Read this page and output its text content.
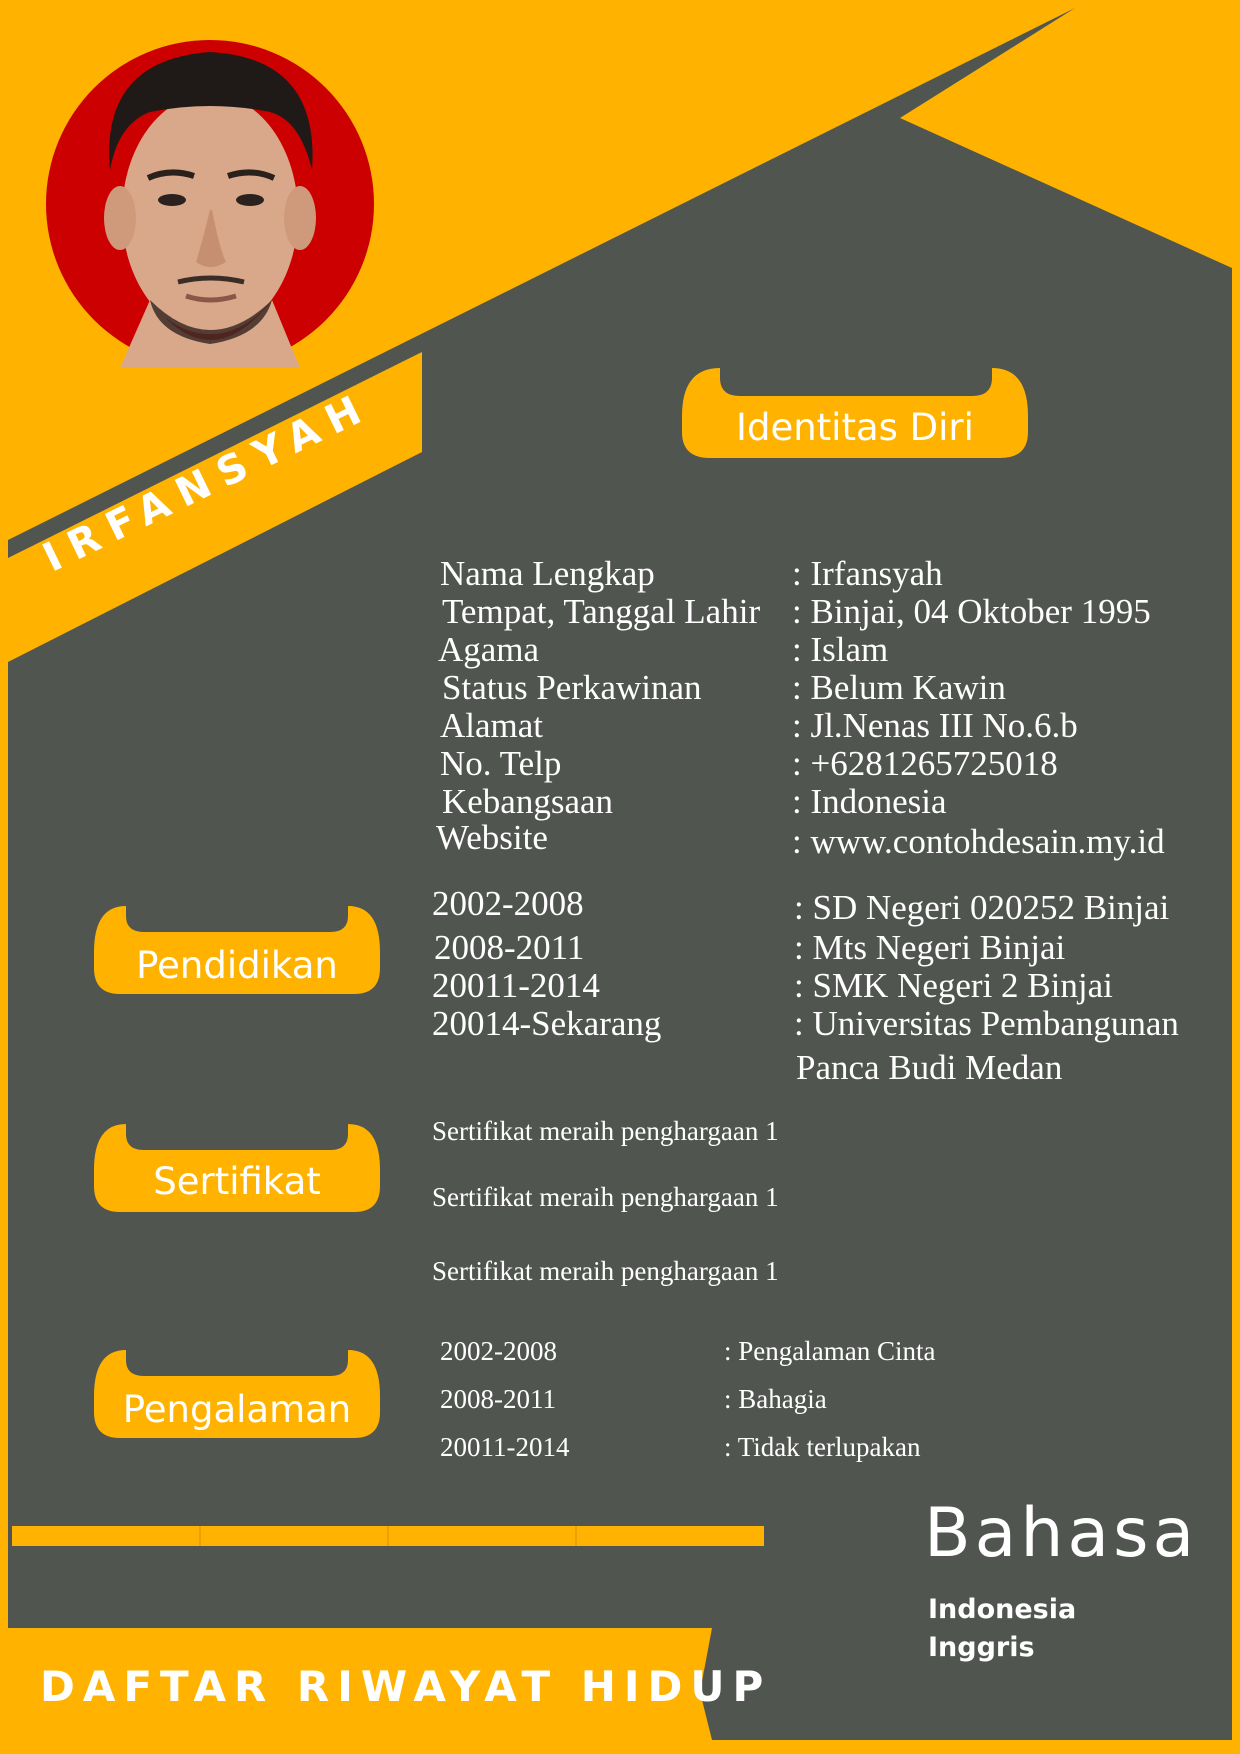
IRFANSYAH	Identitas Diri
Pendidikan
Sertifikat
Pengalaman
Nama Lengkap	: Irfansyah
Tempat, Tanggal Lahir : Binjai, 04 Oktober 1995
Agama	: Islam
Status Perkawinan	: Belum Kawin
Alamat	: Jl.Nenas III No.6.b
No. Telp	: +6281265725018
Kebangsaan	: Indonesia
Website	: www.contohdesain.my.id
2002-2008	: SD Negeri 020252 Binjai
2008-2011	: Mts Negeri Binjai
20011-2014	: SMK Negeri 2 Binjai
20014-Sekarang	: Universitas Pembangunan
Panca Budi Medan
Sertifikat meraih penghargaan 1
Sertifikat meraih penghargaan 1
Sertifikat meraih penghargaan 1
2002-2008	: Pengalaman Cinta
2008-2011	: Bahagia
20011-2014	: Tidak terlupakan
Bahasa
Indonesia
Inggris
DAFTAR RIWAYAT HIDUP
